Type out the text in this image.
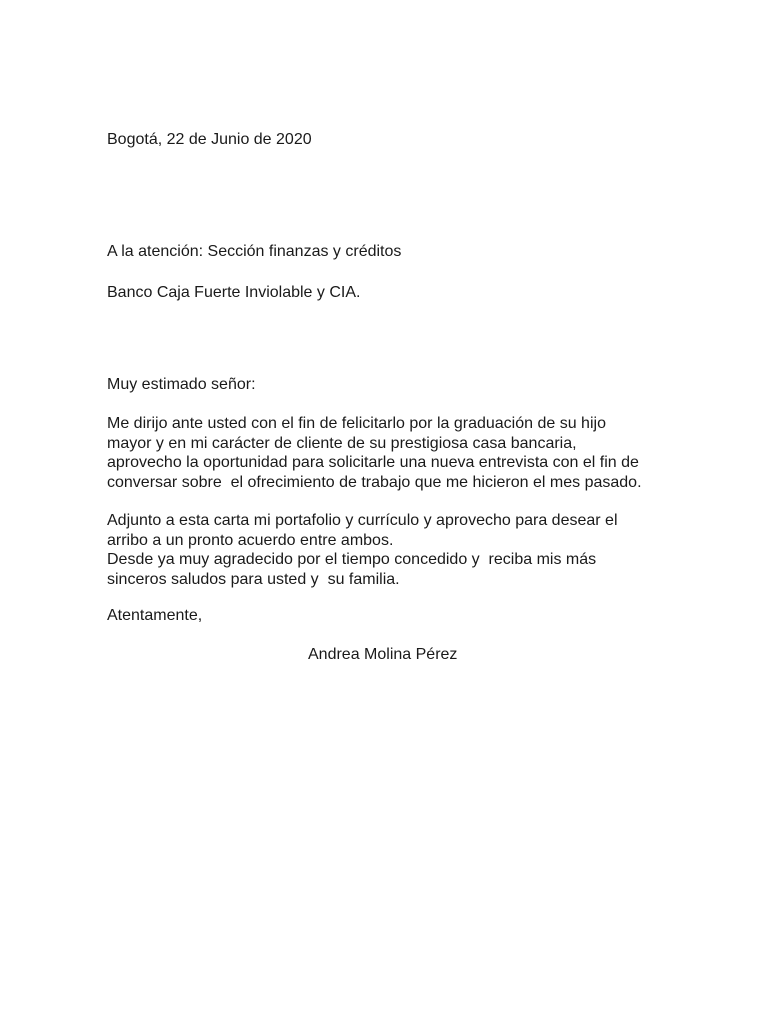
Bogotá, 22 de Junio de 2020

A la atención: Sección finanzas y créditos

Banco Caja Fuerte Inviolable y CIA.

Muy estimado señor:

Me dirijo ante usted con el fin de felicitarlo por la graduación de su hijo
mayor y en mi carácter de cliente de su prestigiosa casa bancaria,
aprovecho la oportunidad para solicitarle una nueva entrevista con el fin de
conversar sobre  el ofrecimiento de trabajo que me hicieron el mes pasado.
Adjunto a esta carta mi portafolio y currículo y aprovecho para desear el
arribo a un pronto acuerdo entre ambos.
Desde ya muy agradecido por el tiempo concedido y  reciba mis más
sinceros saludos para usted y  su familia.

Atentamente,

Andrea Molina Pérez
